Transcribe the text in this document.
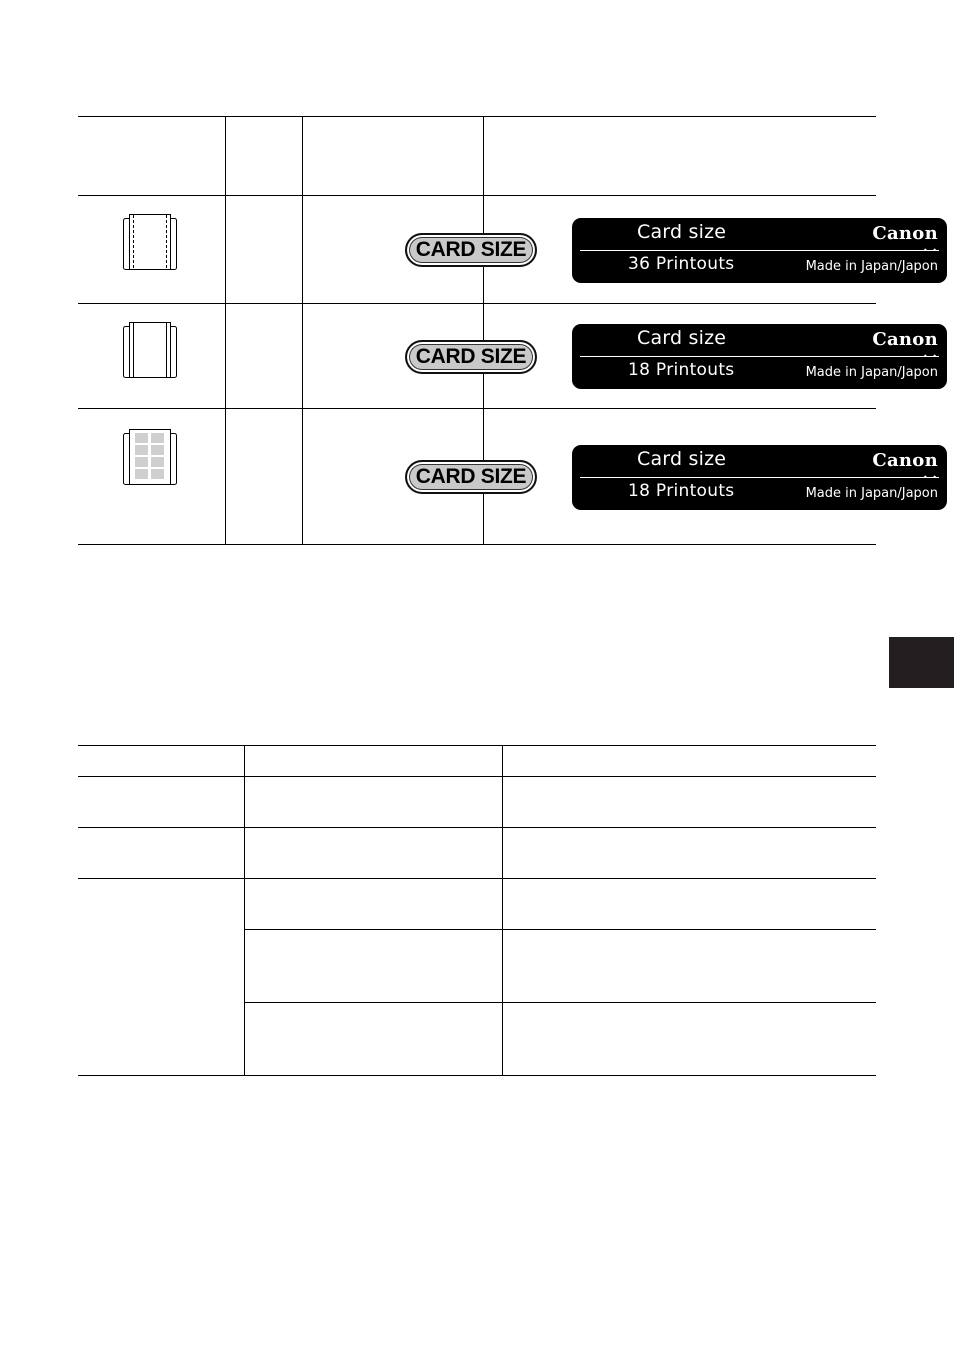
CARD SIZE
Card size	Canon
• •
36 Printouts	Made in Japan/Japon
CARD SIZE
Card size	Canon
• •
18 Printouts	Made in Japan/Japon
CARD SIZE
Card size	Canon
• •
18 Printouts	Made in Japan/Japon
